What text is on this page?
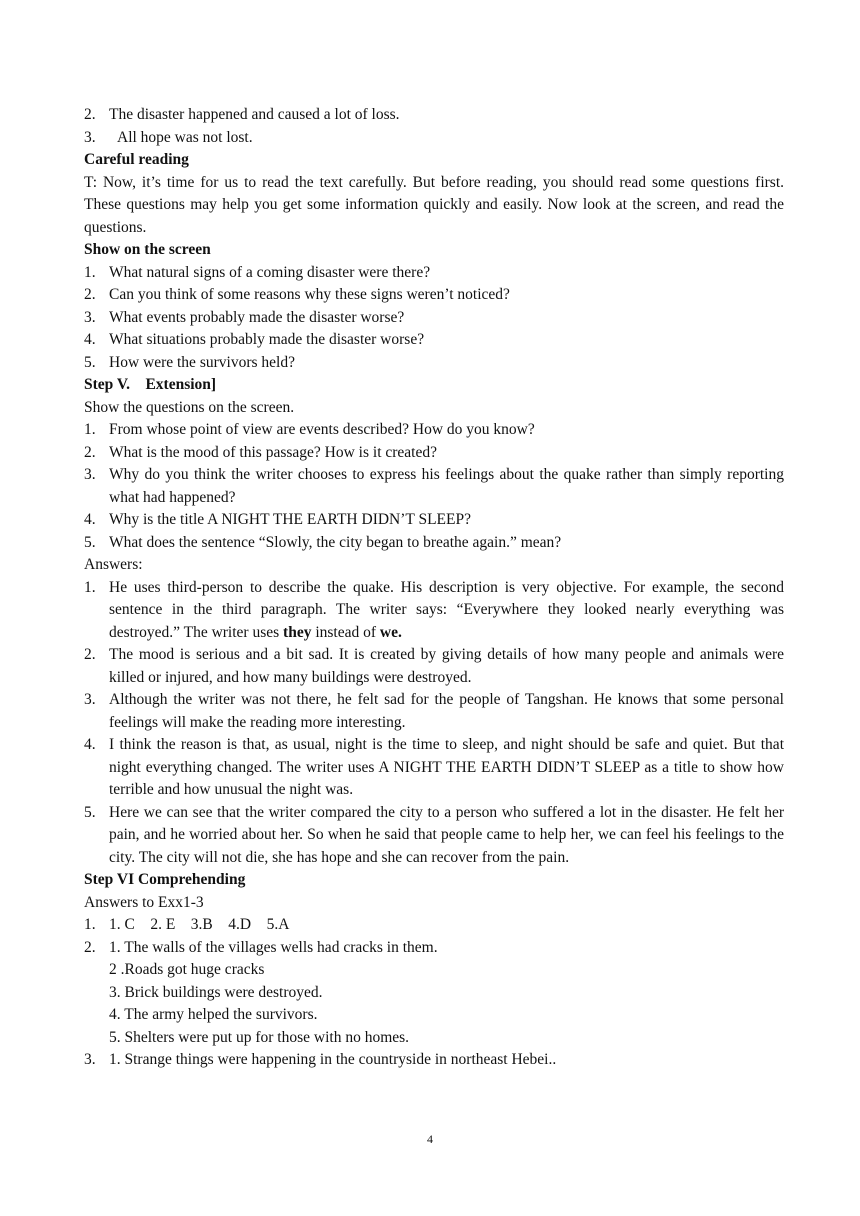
2. The disaster happened and caused a lot of loss.
3.	All hope was not lost.
Careful reading
T: Now, it’s time for us to read the text carefully. But before reading, you should read some questions first. These questions may help you get some information quickly and easily. Now look at the screen, and read the questions.
Show on the screen
1. What natural signs of a coming disaster were there?
2. Can you think of some reasons why these signs weren’t noticed?
3. What events probably made the disaster worse?
4. What situations probably made the disaster worse?
5. How were the survivors held?
Step V.    Extension]
Show the questions on the screen.
1. From whose point of view are events described? How do you know?
2. What is the mood of this passage? How is it created?
3. Why do you think the writer chooses to express his feelings about the quake rather than simply reporting what had happened?
4. Why is the title A NIGHT THE EARTH DIDN’T SLEEP?
5. What does the sentence “Slowly, the city began to breathe again.” mean?
Answers:
1. He uses third-person to describe the quake. His description is very objective. For example, the second sentence in the third paragraph. The writer says: “Everywhere they looked nearly everything was destroyed.” The writer uses they instead of we.
2. The mood is serious and a bit sad. It is created by giving details of how many people and animals were killed or injured, and how many buildings were destroyed.
3. Although the writer was not there, he felt sad for the people of Tangshan. He knows that some personal feelings will make the reading more interesting.
4. I think the reason is that, as usual, night is the time to sleep, and night should be safe and quiet. But that night everything changed. The writer uses A NIGHT THE EARTH DIDN’T SLEEP as a title to show how terrible and how unusual the night was.
5. Here we can see that the writer compared the city to a person who suffered a lot in the disaster. He felt her pain, and he worried about her. So when he said that people came to help her, we can feel his feelings to the city. The city will not die, she has hope and she can recover from the pain.
Step VI Comprehending
Answers to Exx1-3
1. 1. C    2. E    3.B    4.D    5.A
2. 1. The walls of the villages wells had cracks in them.
2 .Roads got huge cracks
3. Brick buildings were destroyed.
4. The army helped the survivors.
5. Shelters were put up for those with no homes.
3. 1. Strange things were happening in the countryside in northeast Hebei..
4
